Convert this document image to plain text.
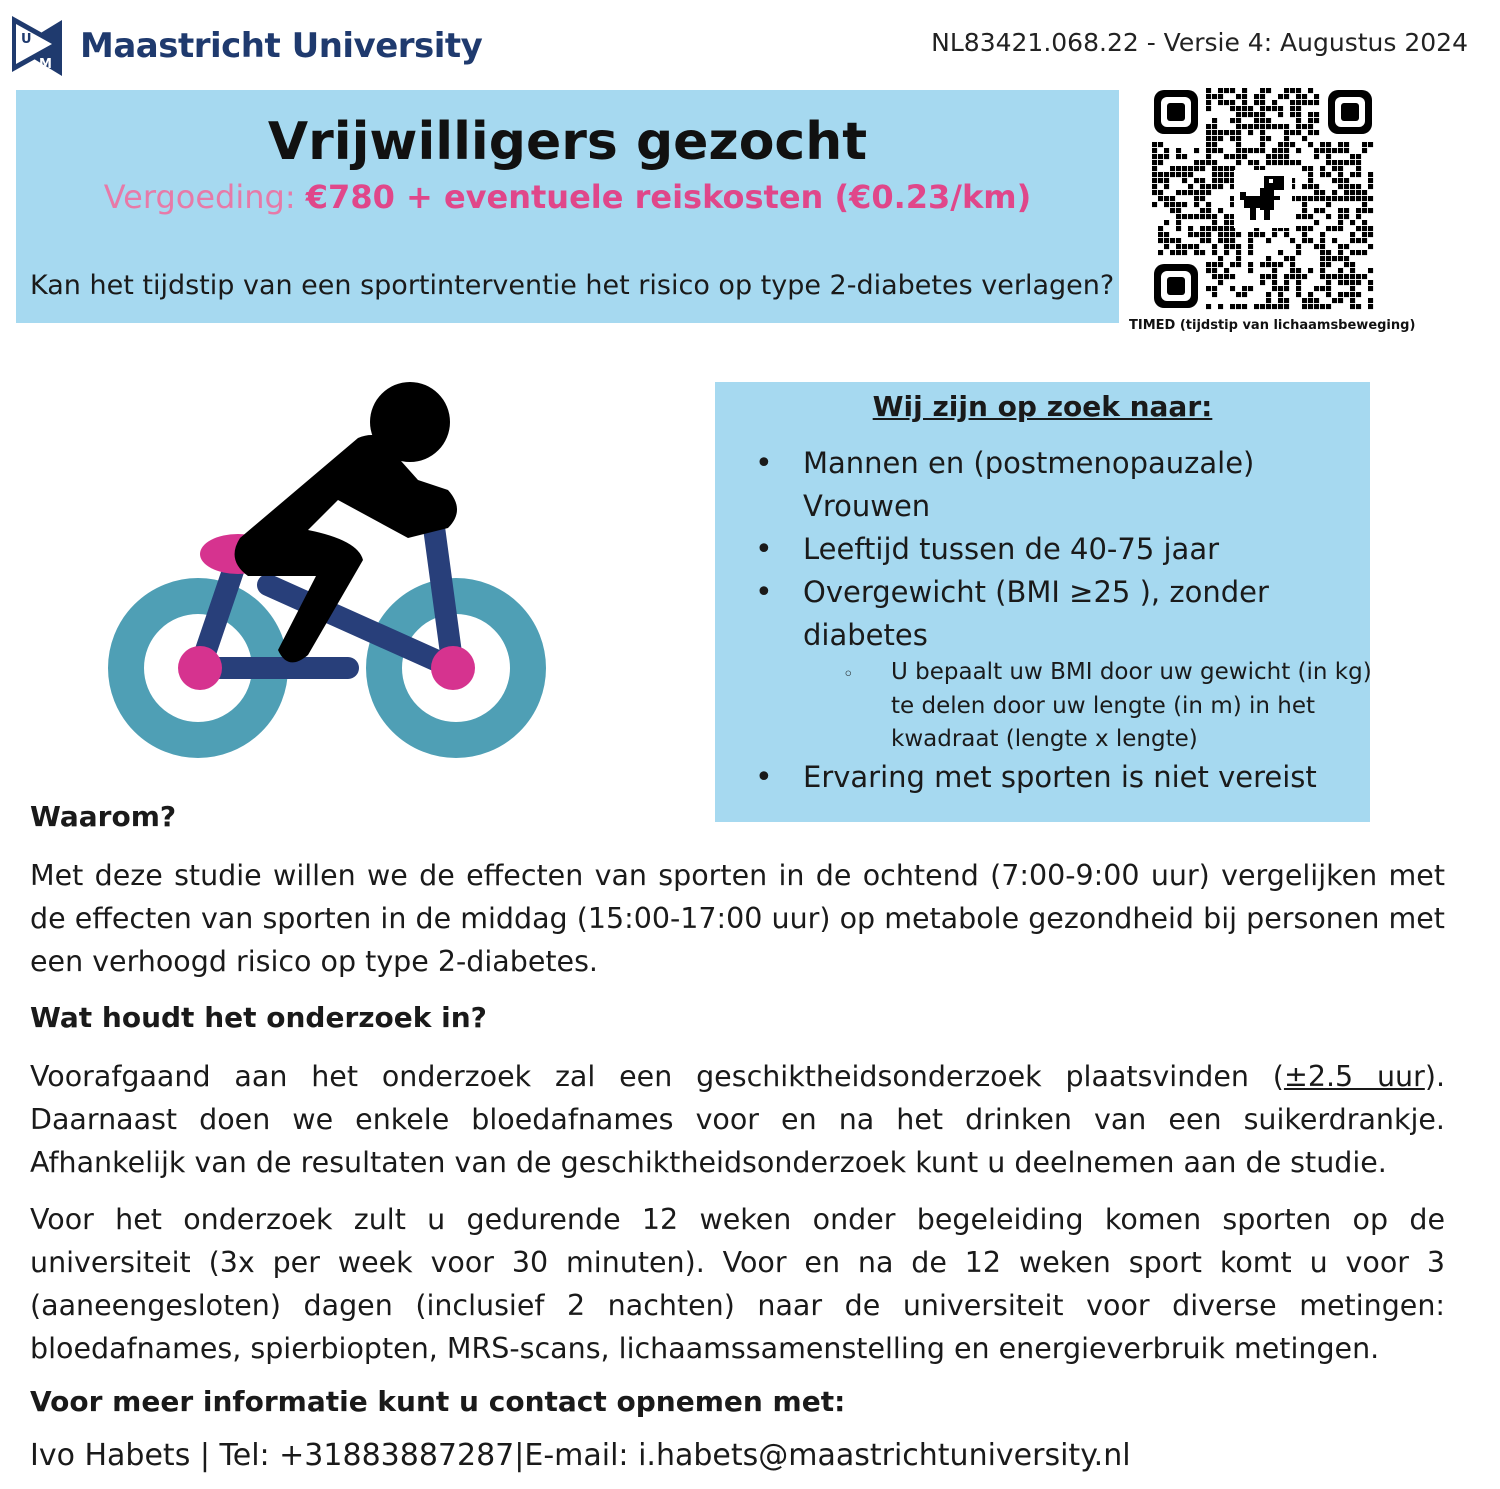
U
M Maastricht University	NL83421.068.22 - Versie 4: Augustus 2024
Vrijwilligers gezocht
Vergoeding: €780 + eventuele reiskosten (€0.23/km)
Kan het tijdstip van een sportinterventie het risico op type 2-diabetes verlagen?
TIMED (tijdstip van lichaamsbeweging)
Wij zijn op zoek naar:
• Mannen en (postmenopauzale)
Vrouwen
• Leeftijd tussen de 40-75 jaar
• Overgewicht (BMI ≥25 ), zonder
diabetes
◦ U bepaalt uw BMI door uw gewicht (in kg)
te delen door uw lengte (in m) in het
kwadraat (lengte x lengte)
• Ervaring met sporten is niet vereist
Waarom?
Met deze studie willen we de effecten van sporten in de ochtend (7:00-9:00 uur) vergelijken met de effecten van sporten in de middag (15:00-17:00 uur) op metabole gezondheid bij personen met een verhoogd risico op type 2-diabetes.
Wat houdt het onderzoek in?
Voorafgaand aan het onderzoek zal een geschiktheidsonderzoek plaatsvinden (±2.5 uur). Daarnaast doen we enkele bloedafnames voor en na het drinken van een suikerdrankje. Afhankelijk van de resultaten van de geschiktheidsonderzoek kunt u deelnemen aan de studie.
Voor het onderzoek zult u gedurende 12 weken onder begeleiding komen sporten op de universiteit (3x per week voor 30 minuten). Voor en na de 12 weken sport komt u voor 3 (aaneengesloten) dagen (inclusief 2 nachten) naar de universiteit voor diverse metingen: bloedafnames, spierbiopten, MRS-scans, lichaamssamenstelling en energieverbruik metingen.
Voor meer informatie kunt u contact opnemen met:
Ivo Habets | Tel: +31883887287|E-mail: i.habets@maastrichtuniversity.nl
